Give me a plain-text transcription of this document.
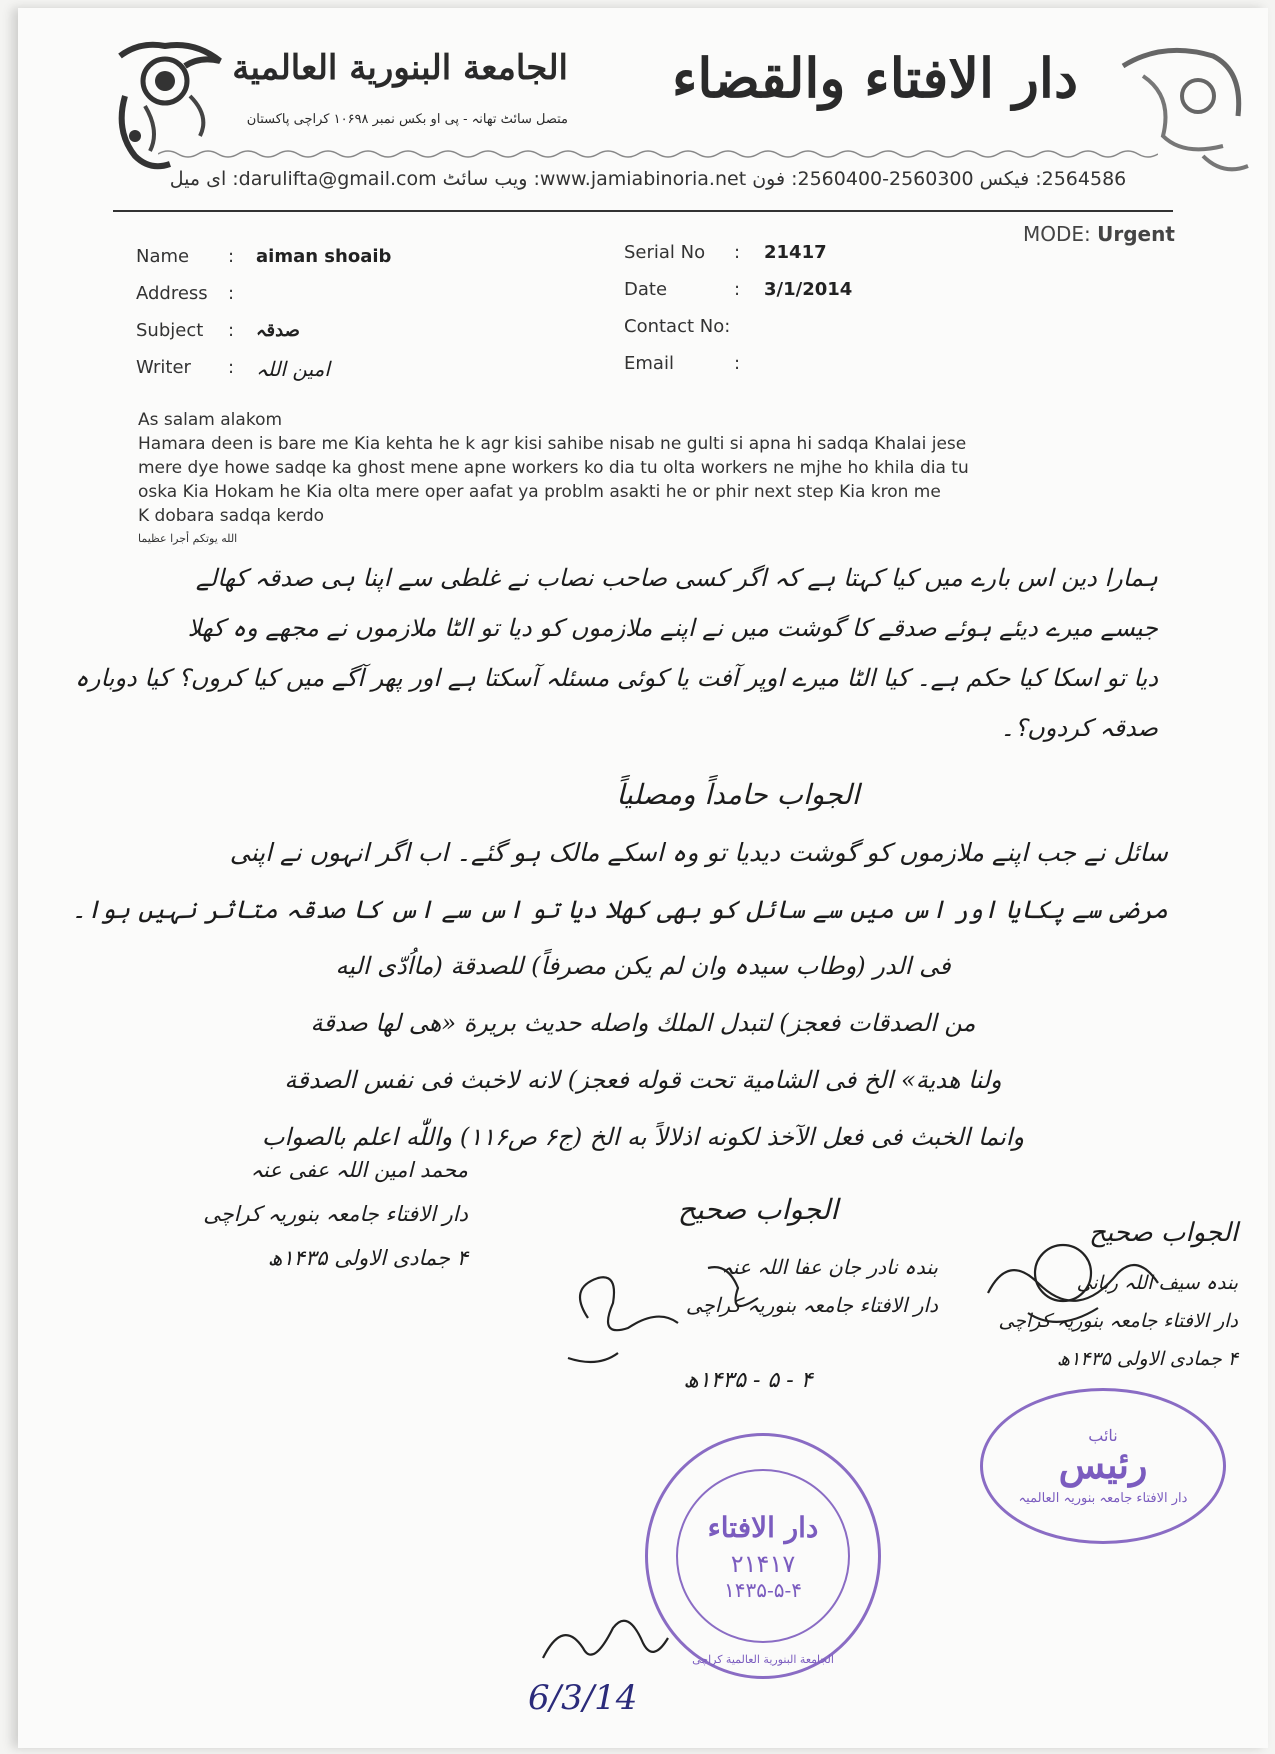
الجامعة البنورية العالمية
متصل سائٹ تھانہ - پی او بکس نمبر ۱۰۶۹۸ کراچی پاکستان
دار الافتاء والقضاء
2564586: فیکس 2560300-2560400: فون www.jamiabinoria.net: ویب سائٹ darulifta@gmail.com: ای میل
MODE: Urgent
Name	:	aiman shoaib
Address	:
Subject	:	صدقہ
Writer	:	امین اللہ
Serial No	:	21417
Date	:	3/1/2014
Contact No:
Email	:
As salam alakom
Hamara deen is bare me Kia kehta he k agr kisi sahibe nisab ne gulti si apna hi sadqa Khalai jese
mere dye howe sadqe ka ghost mene apne workers ko dia tu olta workers ne mjhe ho khila dia tu
oska Kia Hokam he Kia olta mere oper aafat ya problm asakti he or phir next step Kia kron me
K dobara sadqa kerdo
الله يوتكم أجرا عظيما
ہمارا دین اس بارے میں کیا کہتا ہے کہ اگر کسی صاحب نصاب نے غلطی سے اپنا ہی صدقہ کھالے
جیسے میرے دیئے ہوئے صدقے کا گوشت میں نے اپنے ملازموں کو دیا تو الٹا ملازموں نے مجھے وہ کھلا
دیا تو اسکا کیا حکم ہے۔ کیا الٹا میرے اوپر آفت یا کوئی مسئلہ آسکتا ہے اور پھر آگے میں کیا کروں؟ کیا دوبارہ
صدقہ کردوں؟۔
الجواب حامداً ومصلیاً
سائل نے جب اپنے ملازموں کو گوشت دیدیا تو وہ اسکے مالک ہو گئے۔ اب اگر انہوں نے اپنی
مرضی سے پکایا اور اس میں سے سائل کو بھی کھلا دیا تو اس سے اس کا صدقہ متاثر نہیں ہوا۔
فی الدر (وطاب سیدہ وان لم یکن مصرفاً) للصدقة (مااُدّی الیه
من الصدقات فعجز) لتبدل الملك واصله حدیث بریرة «هی لها صدقة
ولنا هدیة» الخ فی الشامیة تحت قوله فعجز) لانه لاخبث فی نفس الصدقة
وانما الخبث فی فعل الآخذ لکونه اذلالاً به الخ (ج۶ ص۱۱۶) واللّٰه اعلم بالصواب
محمد امین اللہ عفی عنہ
دار الافتاء جامعہ بنوریہ کراچی
۴ جمادی الاولی ۱۴۳۵ھ
الجواب صحیح
بندہ نادر جان عفا اللہ عنہ
دار الافتاء جامعہ بنوریہ کراچی
۴ - ۵ - ۱۴۳۵ھ
الجواب صحیح
بندہ سیف اللہ ربانی
دار الافتاء جامعہ بنوریہ کراچی
۴ جمادی الاولی ۱۴۳۵ھ
دار الافتاء
۲۱۴۱۷
۱۴۳۵-۵-۴
الجامعة البنورية العالمية کراچی
نائب
رئیس
دار الافتاء جامعہ بنوریہ العالمیہ
6/3/14
